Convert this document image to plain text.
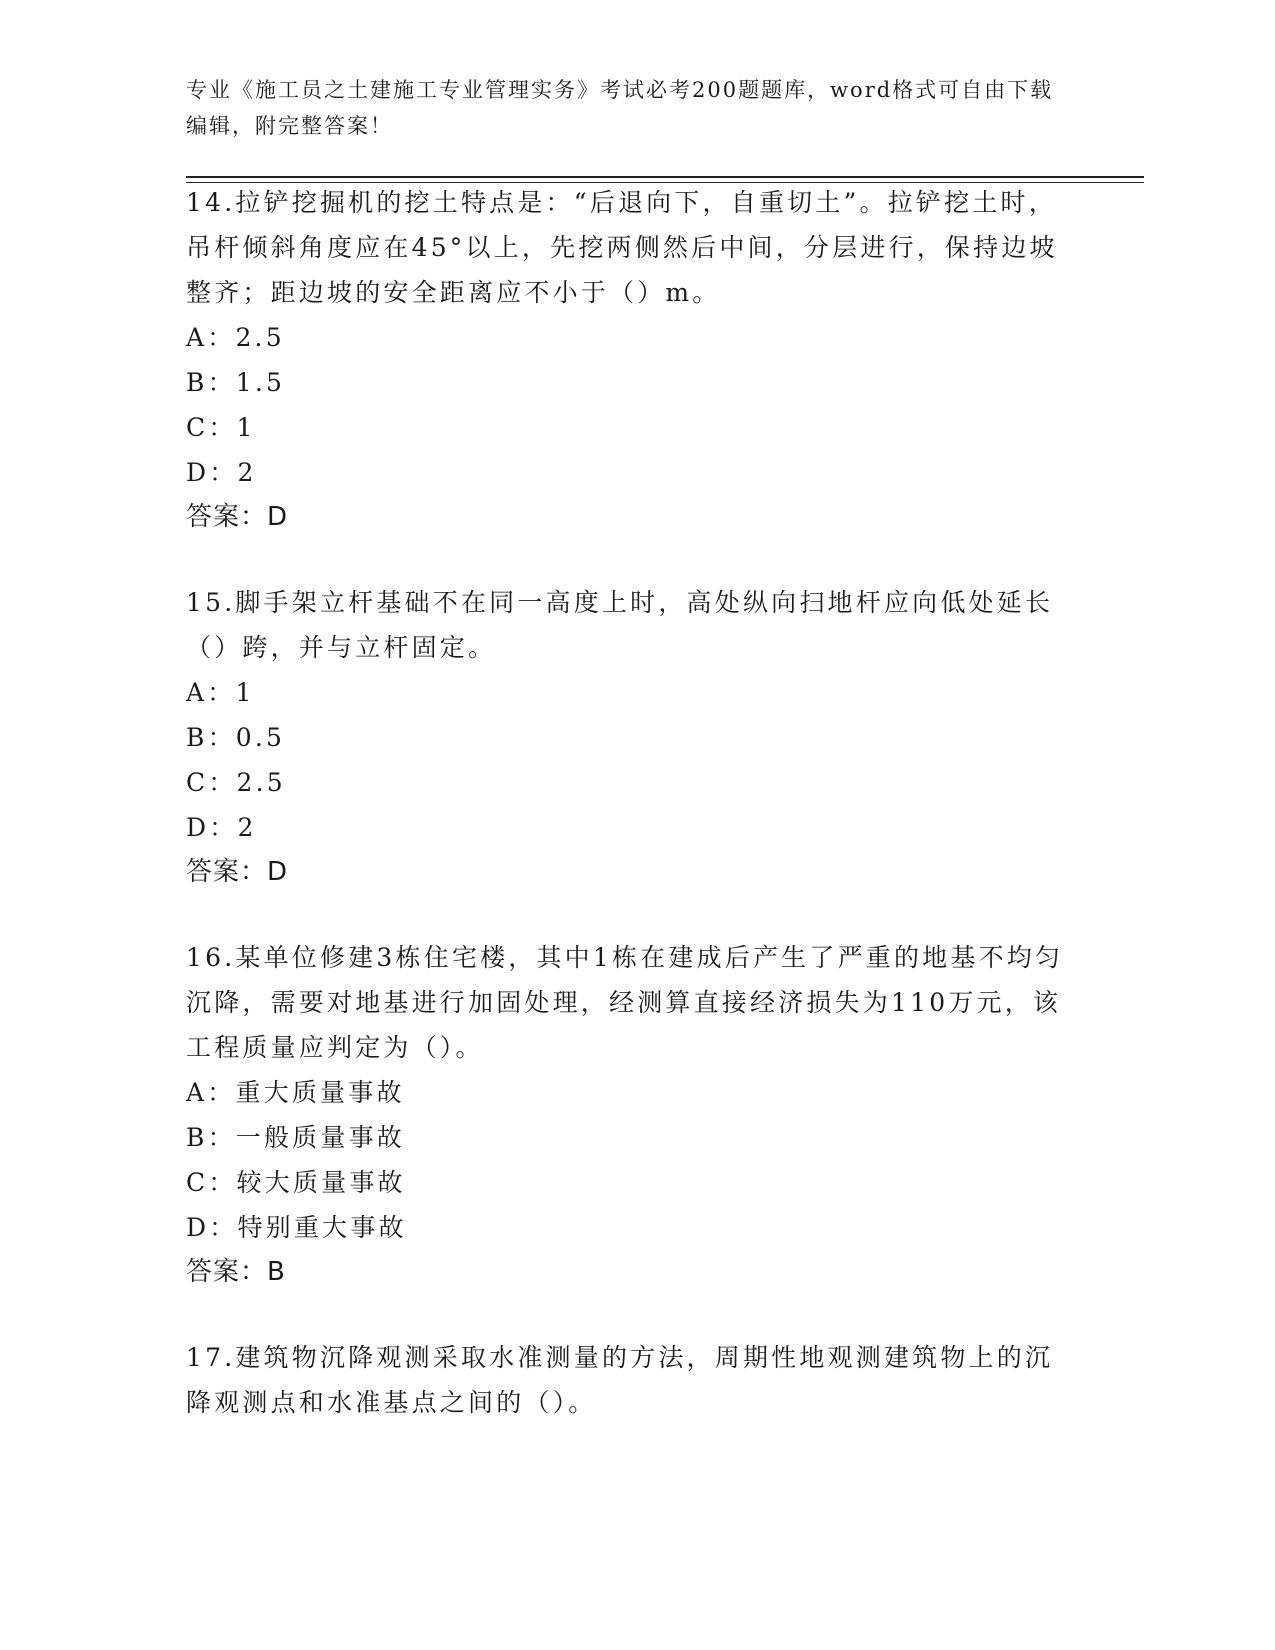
专业《施工员之土建施工专业管理实务》考试必考200题题库，word格式可自由下载编辑，附完整答案！

14.拉铲挖掘机的挖土特点是：“后退向下，自重切土”。拉铲挖土时，吊杆倾斜角度应在45°以上，先挖两侧然后中间，分层进行，保持边坡整齐；距边坡的安全距离应不小于（）m。

A：2.5
B：1.5
C：1
D：2
答案：D

15.脚手架立杆基础不在同一高度上时，高处纵向扫地杆应向低处延长（）跨，并与立杆固定。

A：1
B：0.5
C：2.5
D：2
答案：D

16.某单位修建3栋住宅楼，其中1栋在建成后产生了严重的地基不均匀沉降，需要对地基进行加固处理，经测算直接经济损失为110万元，该工程质量应判定为（）。

A：重大质量事故
B：一般质量事故
C：较大质量事故
D：特别重大事故
答案：B

17.建筑物沉降观测采取水准测量的方法，周期性地观测建筑物上的沉降观测点和水准基点之间的（）。
